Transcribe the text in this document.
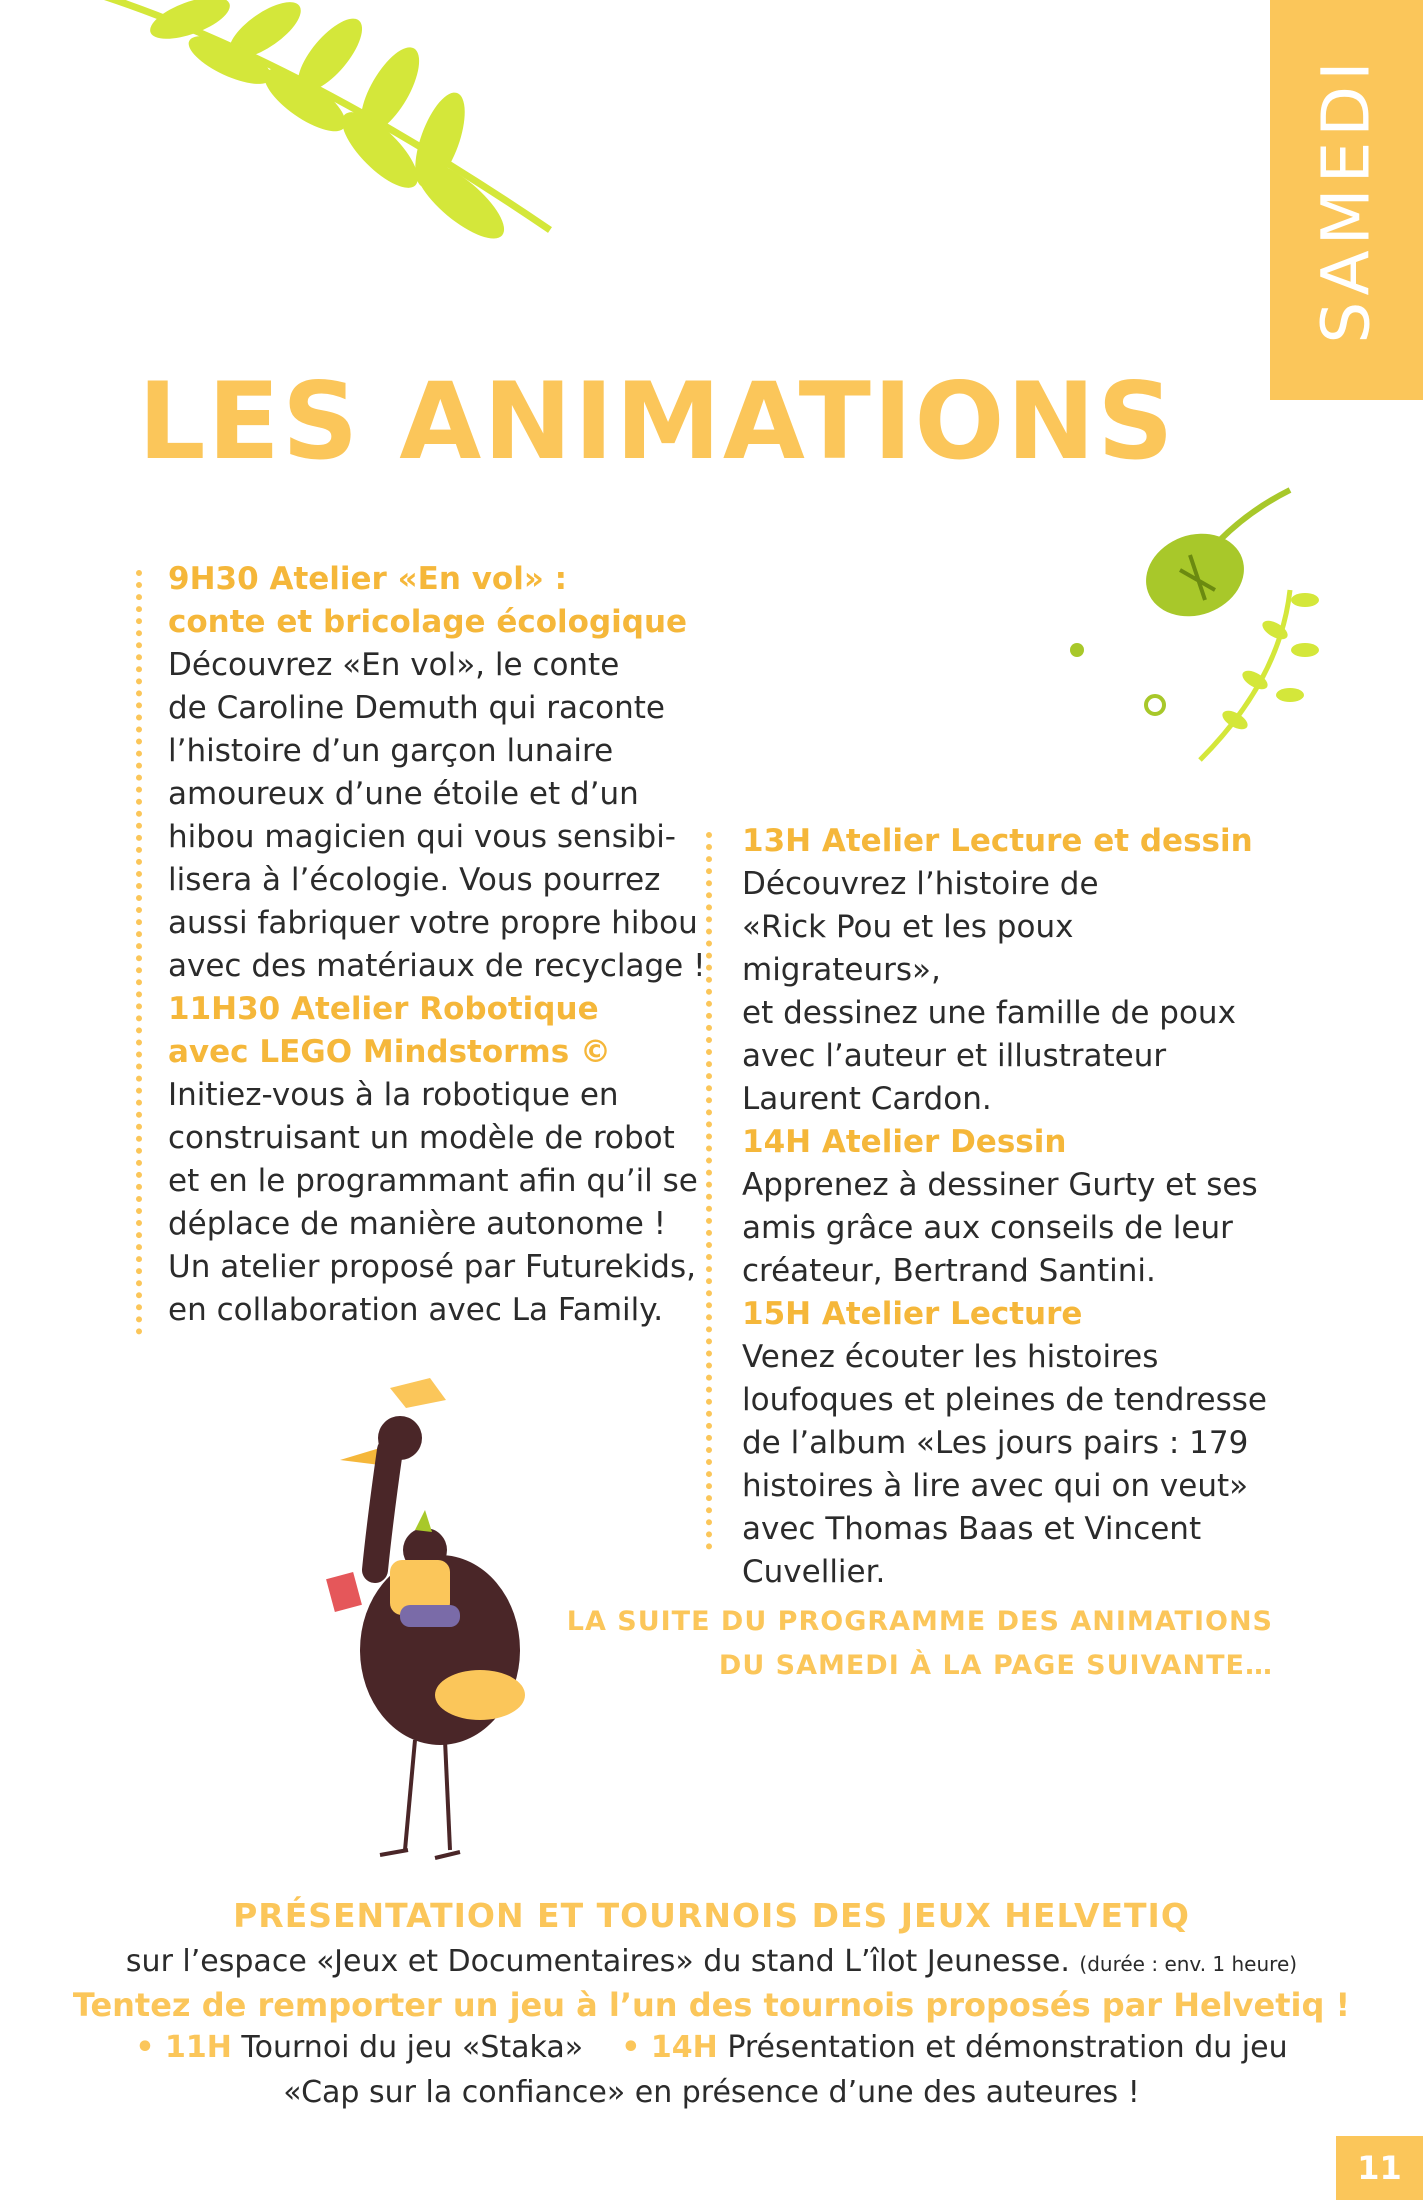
SAMEDI
LES ANIMATIONS

9H30 Atelier «En vol» :
conte et bricolage écologique

Découvrez «En vol», le conte
de Caroline Demuth qui raconte
l’histoire d’un garçon lunaire
amoureux d’une étoile et d’un
hibou magicien qui vous sensibi-
lisera à l’écologie. Vous pourrez
aussi fabriquer votre propre hibou
avec des matériaux de recyclage !

11H30 Atelier Robotique
avec LEGO Mindstorms ©

Initiez-vous à la robotique en
construisant un modèle de robot
et en le programmant afin qu’il se
déplace de manière autonome !
Un atelier proposé par Futurekids,
en collaboration avec La Family.

13H Atelier Lecture et dessin

Découvrez l’histoire de
«Rick Pou et les poux migrateurs»,
et dessinez une famille de poux
avec l’auteur et illustrateur
Laurent Cardon.

14H Atelier Dessin

Apprenez à dessiner Gurty et ses
amis grâce aux conseils de leur
créateur, Bertrand Santini.

15H Atelier Lecture

Venez écouter les histoires
loufoques et pleines de tendresse
de l’album «Les jours pairs : 179
histoires à lire avec qui on veut»
avec Thomas Baas et Vincent
Cuvellier.

LA SUITE DU PROGRAMME DES ANIMATIONS
DU SAMEDI À LA PAGE SUIVANTE…
PRÉSENTATION ET TOURNOIS DES JEUX HELVETIQ
sur l’espace «Jeux et Documentaires» du stand L’îlot Jeunesse. (durée : env. 1 heure)
Tentez de remporter un jeu à l’un des tournois proposés par Helvetiq !
• 11H Tournoi du jeu «Staka» • 14H Présentation et démonstration du jeu
«Cap sur la confiance» en présence d’une des auteures !
11
